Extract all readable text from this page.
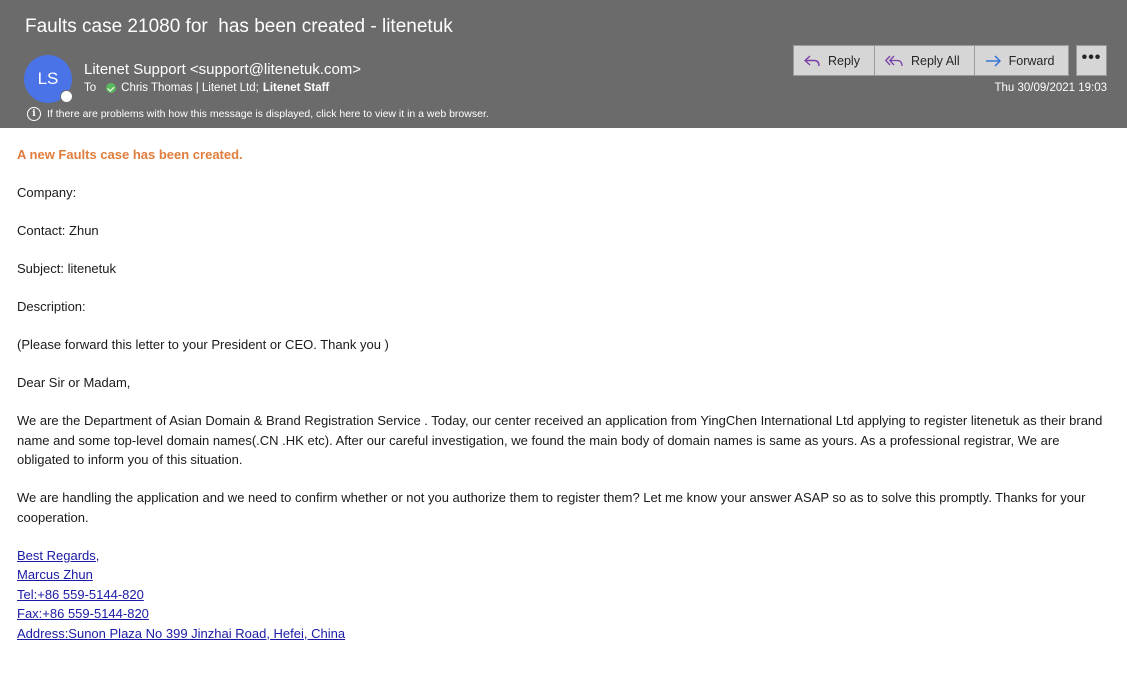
Faults case 21080 for  has been created - litenetuk
LS	Litenet Support <support@litenetuk.com>
To Chris Thomas | Litenet Ltd; Litenet Staff
i	If there are problems with how this message is displayed, click here to view it in a web browser.
Reply	Reply All	Forward	•••
Thu 30/09/2021 19:03

A new Faults case has been created.

Company:

Contact: Zhun

Subject: litenetuk

Description:

(Please forward this letter to your President or CEO. Thank you )

Dear Sir or Madam,

We are the Department of Asian Domain & Brand Registration Service . Today, our center received an application from YingChen International Ltd applying to register litenetuk as their brand name and some top-level domain names(.CN .HK etc). After our careful investigation, we found the main body of domain names is same as yours. As a professional registrar, We are obligated to inform you of this situation.

We are handling the application and we need to confirm whether or not you authorize them to register them? Let me know your answer ASAP so as to solve this promptly. Thanks for your cooperation.

Best Regards,
Marcus Zhun
Tel:+86 559-5144-820
Fax:+86 559-5144-820
Address:Sunon Plaza No 399 Jinzhai Road, Hefei, China
